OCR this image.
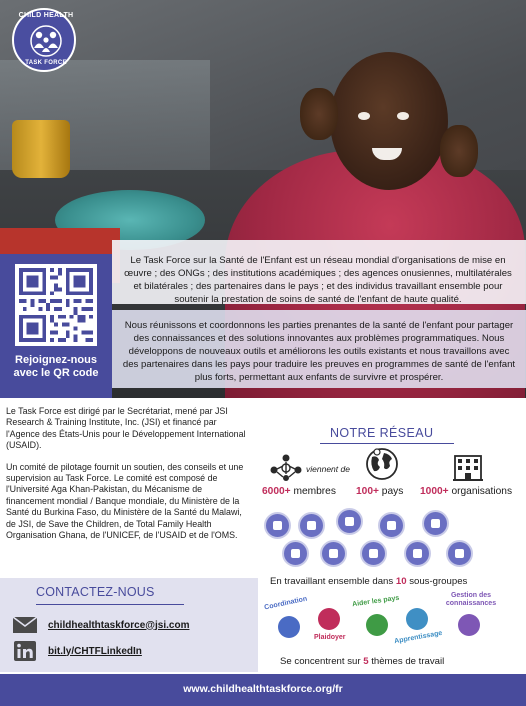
CHILD HEALTH
TASK FORCE
Le Task Force sur la Santé de l'Enfant est un réseau mondial d'organisations de mise en œuvre ; des ONGs ; des institutions académiques ; des agences onusiennes, multilatérales et bilatérales ; des partenaires dans le pays ; et des individus travaillant ensemble pour soutenir la prestation de soins de santé de l'enfant de haute qualité.
Nous réunissons et coordonnons les parties prenantes de la santé de l'enfant pour partager des connaissances et des solutions innovantes aux problèmes programmatiques. Nous développons de nouveaux outils et améliorons les outils existants et nous travaillons avec des partenaires dans les pays pour traduire les preuves en programmes de santé de l'enfant plus forts, permettant aux enfants de survivre et prospérer.
Rejoignez-nous
avec le QR code

Le Task Force est dirigé par le Secrétariat, mené par JSI Research & Training Institute, Inc. (JSI) et financé par l'Agence des États-Unis pour le Développement International (USAID).

Un comité de pilotage fournit un soutien, des conseils et une supervision au Task Force. Le comité est composé de l'Université Aga Khan-Pakistan, du Mécanisme de financement mondial / Banque mondiale, du Ministère de la Santé du Burkina Faso, du Ministère de la Santé du Malawi, de JSI, de Save the Children, de Total Family Health Organisation Ghana, de l'UNICEF, de l'USAID et de l'OMS.

CONTACTEZ-NOUS
childhealthtaskforce@jsi.com
bit.ly/CHTFLinkedIn
NOTRE RÉSEAU
viennent de
6000+ membres 100+ pays 1000+ organisations
En travaillant ensemble dans 10 sous-groupes
Coordination
Plaidoyer
Aider les pays
Apprentissage
Gestion des connaissances
Se concentrent sur 5 thèmes de travail
www.childhealthtaskforce.org/fr
